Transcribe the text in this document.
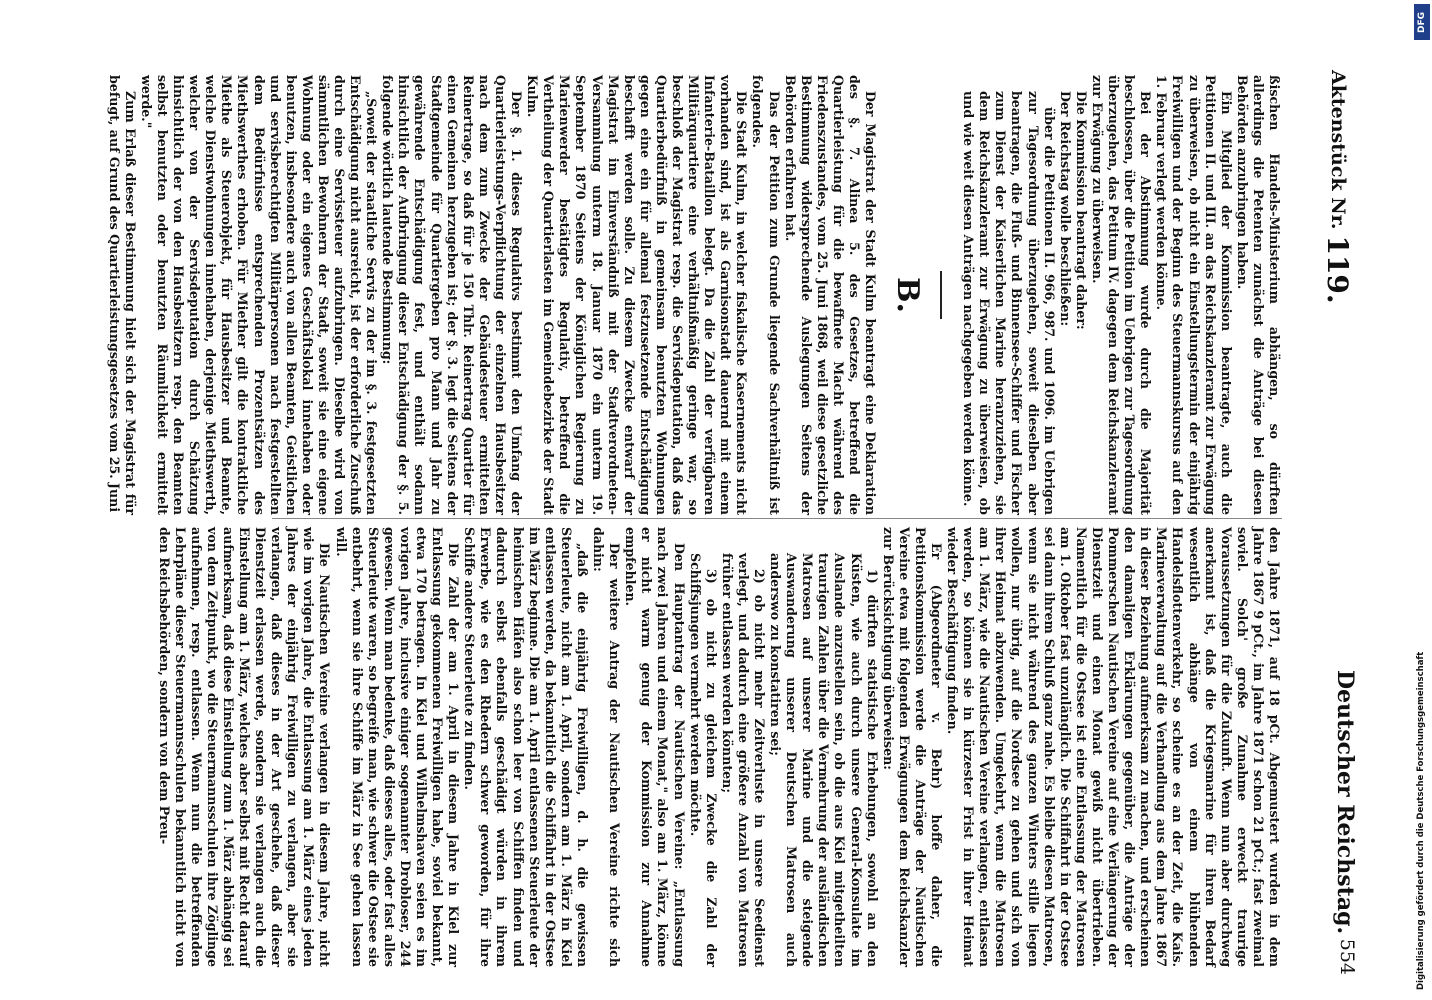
Aktenstück Nr.119.
Deutscher Reichstag.
554

ßischen Handels-Ministerium abhängen, so dürften allerdings die Petenten zunächst die Anträge bei diesen Behörden anzubringen haben.

Ein Mitglied der Kommission beantragte, auch die Petitionen II. und III. an das Reichskanzleramt zur Erwägung zu überweisen, ob nicht ein Einstellungstermin der einjährig Freiwilligen und der Beginn des Steuermannskursus auf den 1. Februar verlegt werden könne.

Bei der Abstimmung wurde durch die Majorität beschlossen, über die Petition im Uebrigen zur Tagesordnung überzugehen, das Petitum IV. dagegen dem Reichskanzleramt zur Erwägung zu überweisen.

Die Kommission beantragt daher:

Der Reichstag wolle beschließen:

über die Petitionen II. 966, 987. und 1096. im Uebrigen zur Tagesordnung überzugehen, soweit dieselben aber beantragen, die Fluß- und Binnensee-Schiffer und Fischer zum Dienst der Kaiserlichen Marine heranzuziehen, sie dem Reichskanzleramt zur Erwägung zu überweisen, ob und wie weit diesen Anträgen nachgegeben werden könne.

B.

Der Magistrat der Stadt Kulm beantragt eine Deklaration des §. 7. Alinea 5. des Gesetzes, betreffend die Quartierleistung für die bewaffnete Macht während des Friedenszustandes, vom 25. Juni 1868, weil diese gesetzliche Bestimmung widersprechende Auslegungen Seitens der Behörden erfahren hat.

Das der Petition zum Grunde liegende Sachverhältniß ist folgendes.

Die Stadt Kulm, in welcher fiskalische Kasernements nicht vorhanden sind, ist als Garnisonstadt dauernd mit einem Infanterie-Bataillon belegt. Da die Zahl der verfügbaren Militärquartiere eine verhältnißmäßig geringe war, so beschloß der Magistrat resp. die Servisdeputation, daß das Quartierbedürfniß in gemeinsam benutzten Wohnungen gegen eine ein für allemal festzusetzende Entschädigung beschafft werden solle. Zu diesem Zwecke entwarf der Magistrat im Einverständniß mit der Stadtverordneten-Versammlung unterm 18. Januar 1870 ein unterm 19. September 1870 Seitens der Königlichen Regierung zu Marienwerder bestätigtes Regulativ, betreffend die Vertheilung der Quartierlasten im Gemeindebezirke der Stadt Kulm.

Der §. 1. dieses Regulativs bestimmt den Umfang der Quartierleistungs-Verpflichtung der einzelnen Hausbesitzer nach dem zum Zwecke der Gebäudesteuer ermittelten Reinertrage, so daß für je 150 Thlr. Reinertrag Quartier für einen Gemeinen herzugeben ist; der §. 3. legt die Seitens der Stadtgemeinde für Quartiergeben pro Mann und Jahr zu gewährende Entschädigung fest, und enthält sodann hinsichtlich der Aufbringung dieser Entschädigung der §. 5. folgende wörtlich lautende Bestimmung:

„Soweit der staatliche Servis zu der im §. 3. festgesetzten Entschädigung nicht ausreicht, ist der erforderliche Zuschuß durch eine Servissteuer aufzubringen. Dieselbe wird von sämmtlichen Bewohnern der Stadt, soweit sie eine eigene Wohnung oder ein eigenes Geschäftslokal innehaben oder benutzen, insbesondere auch von allen Beamten, Geistlichen und servisberechtigten Militärpersonen nach festgestellten dem Bedürfnisse entsprechenden Prozentsätzen des Miethswerthes erhoben. Für Miether gilt die kontraktliche Miethe als Steuerobjekt, für Hausbesitzer und Beamte, welche Dienstwohnungen innehaben, derjenige Miethswerth, welcher von der Servisdeputation durch Schätzung hinsichtlich der von den Hausbesitzern resp. den Beamten selbst benutzten oder benutzten Räumlichkeit ermittelt werde."

Zum Erlaß dieser Bestimmung hielt sich der Magistrat für befugt, auf Grund des Quartierleistungsgesetzes vom 25. Juni

den Jahre 1871, auf 18 pCt. Abgemustert wurden in dem Jahre 1867 9 pCt., im Jahre 1871 schon 21 pCt.; fast zweimal soviel. Solch' große Zunahme erweckt traurige Voraussetzungen für die Zukunft. Wenn nun aber durchweg anerkannt ist, daß die Kriegsmarine für ihren Bedarf wesentlich abhänge von einem blühenden Handelsflottenverkehr, so scheine es an der Zeit, die Kais. Marineverwaltung auf die Verhandlung aus dem Jahre 1867 in dieser Beziehung aufmerksam zu machen, und erscheinen den damaligen Erklärungen gegenüber, die Anträge der Pommerschen Nautischen Vereine auf eine Verlängerung der Dienstzeit und einen Monat gewiß nicht übertrieben. Namentlich für die Ostsee ist eine Entlassung der Matrosen am 1. Oktober fast unzulänglich. Die Schiffahrt in der Ostsee sei dann ihrem Schluß ganz nahe. Es bleibe diesen Matrosen, wenn sie nicht während des ganzen Winters stille liegen wollen, nur übrig, auf die Nordsee zu gehen und sich von ihrer Heimat abzuwenden. Umgekehrt, wenn die Matrosen am 1. März, wie die Nautischen Vereine verlangen, entlassen werden, so können sie in kürzester Frist in ihrer Heimat wieder Beschäftigung finden.

Er (Abgeordneter v. Behr) hoffe daher, die Petitionskommission werde die Anträge der Nautischen Vereine etwa mit folgenden Erwägungen dem Reichskanzler zur Berücksichtigung überweisen:

1) dürften statistische Erhebungen, sowohl an den Küsten, wie auch durch unsere General-Konsulate im Auslande anzustellen sein, ob die aus Kiel mitgetheilten traurigen Zahlen über die Vermehrung der ausländischen Matrosen auf unserer Marine und die steigende Auswanderung unserer Deutschen Matrosen auch anderswo zu konstatiren sei;

2) ob nicht mehr Zeitverluste in unsere Seedienst verlegt, und dadurch eine größere Anzahl von Matrosen früher entlassen werden könnten;

3) ob nicht zu gleichem Zwecke die Zahl der Schiffsjungen vermehrt werden möchte.

Den Hauptantrag der Nautischen Vereine: „Entlassung nach zwei Jahren und einem Monat," also am 1. März, könne er nicht warm genug der Kommission zur Annahme empfehlen.

Der weitere Antrag der Nautischen Vereine richte sich dahin:

„daß die einjährig Freiwilligen, d. h. die gewissen Steuerleute, nicht am 1. April, sondern am 1. März in Kiel entlassen werden, da bekanntlich die Schiffahrt in der Ostsee im März beginne. Die am 1. April entlassenen Steuerleute der heimischen Häfen also schon leer von Schiffen finden und dadurch selbst ebenfalls geschädigt würden in ihrem Erwerbe, wie es den Rhedern schwer geworden, für ihre Schiffe andere Steuerleute zu finden.

Die Zahl der am 1. April in diesem Jahre in Kiel zur Entlassung gekommenen Freiwilligen habe, soviel bekannt, etwa 170 betragen. In Kiel und Wilhelmshaven seien es im vorigen Jahre, inclusive einiger sogenannter Drobloser, 244 gewesen. Wenn man bedenke, daß dieses alles, oder fast alles Steuerleute waren, so begreife man, wie schwer die Ostsee sie entbehrt, wenn sie ihre Schiffe im März in See gehen lassen will.

Die Nautischen Vereine verlangen in diesem Jahre, nicht wie im vorigen Jahre, die Entlassung am 1. März eines jeden Jahres der einjährig Freiwilligen zu verlangen, aber sie verlangen, daß dieses in der Art geschehe, daß dieser Dienstzeit erlassen werde, sondern sie verlangen auch die Einstellung am 1. März, welches aber selbst mit Recht darauf aufmerksam, daß diese Einstellung zum 1. März abhängig sei von dem Zeitpunkt, wo die Steuermannsschulen ihre Zöglinge aufnehmen, resp. entlassen. Wenn nun die betreffenden Lehrpläne dieser Steuermannsschulen bekanntlich nicht von den Reichsbehörden, sondern von dem Preu-	Digitalisierung gefördert durch die Deutsche Forschungsgemeinschaft
DFG
